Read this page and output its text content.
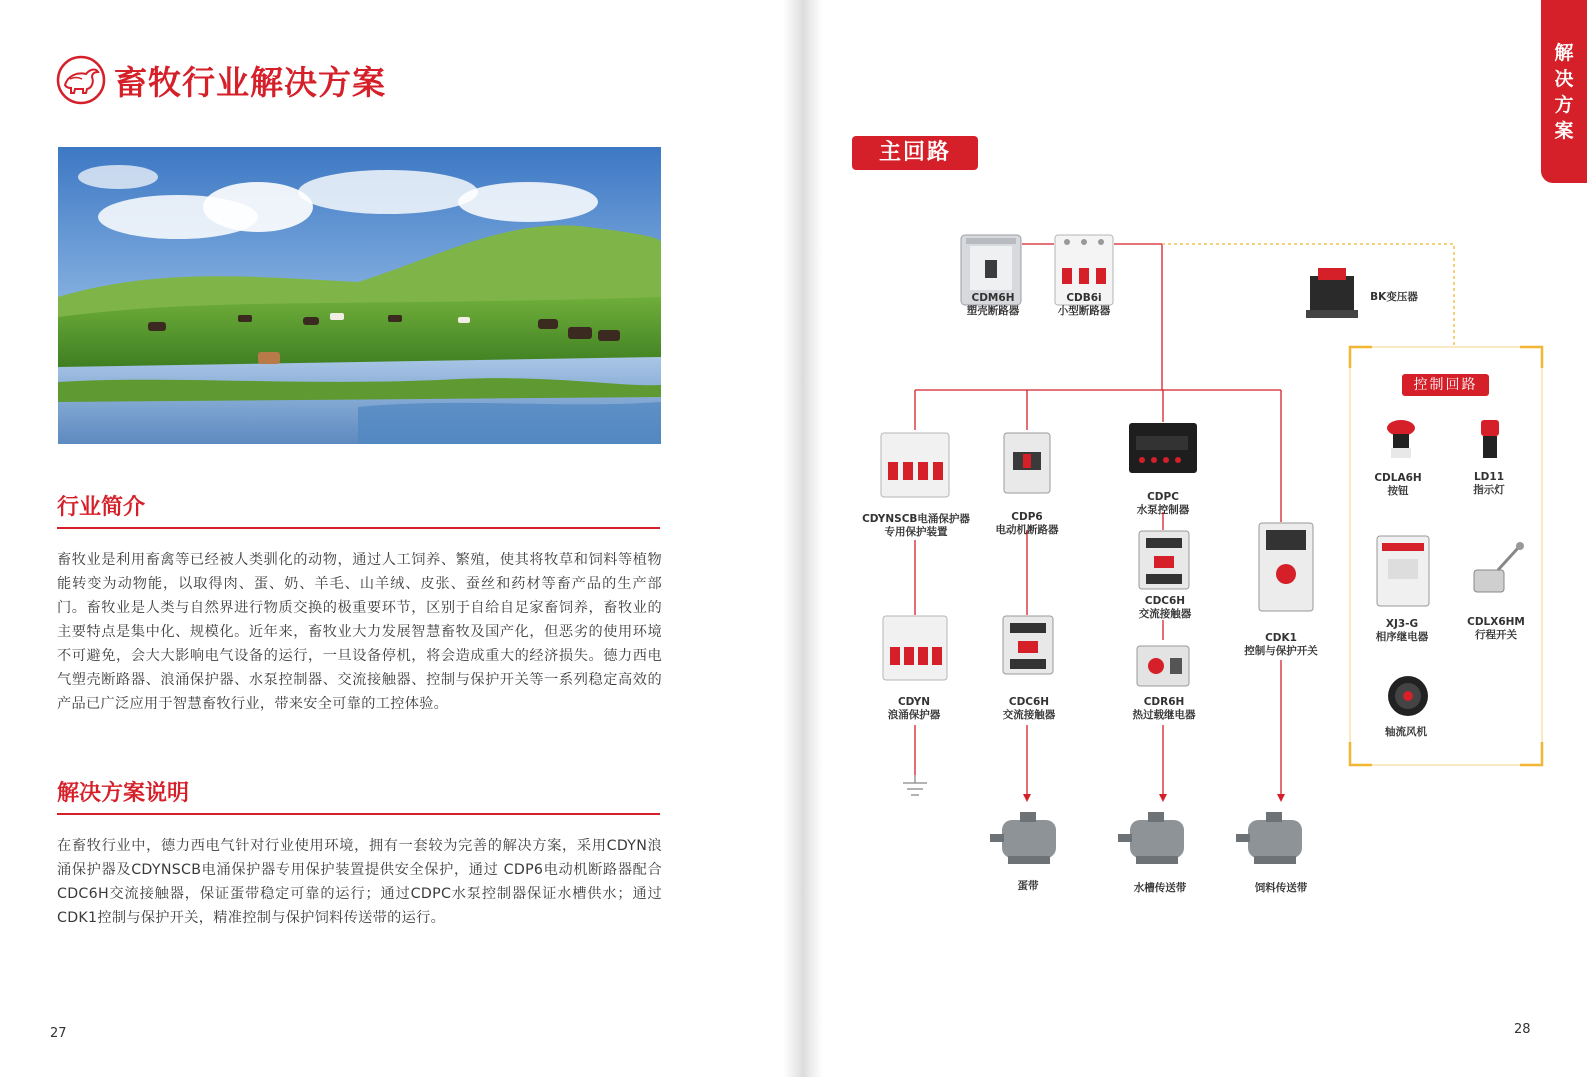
畜牧行业解决方案
行业简介
畜牧业是利用畜禽等已经被人类驯化的动物，通过人工饲养、繁殖，使其将牧草和饲料等植物能转变为动物能，以取得肉、蛋、奶、羊毛、山羊绒、皮张、蚕丝和药材等畜产品的生产部门。畜牧业是人类与自然界进行物质交换的极重要环节，区别于自给自足家畜饲养，畜牧业的主要特点是集中化、规模化。近年来，畜牧业大力发展智慧畜牧及国产化，但恶劣的使用环境不可避免，会大大影响电气设备的运行，一旦设备停机，将会造成重大的经济损失。德力西电气塑壳断路器、浪涌保护器、水泵控制器、交流接触器、控制与保护开关等一系列稳定高效的产品已广泛应用于智慧畜牧行业，带来安全可靠的工控体验。
解决方案说明
在畜牧行业中，德力西电气针对行业使用环境，拥有一套较为完善的解决方案，采用CDYN浪涌保护器及CDYNSCB电涌保护器专用保护装置提供安全保护，通过 CDP6电动机断路器配合 CDC6H交流接触器，保证蛋带稳定可靠的运行；通过CDPC水泵控制器保证水槽供水；通过CDK1控制与保护开关，精准控制与保护饲料传送带的运行。
27
解
决
方
案
主回路
CDM6H
塑壳断路器
CDB6i
小型断路器
BK变压器
CDYNSCB电涌保护器
专用保护装置
CDP6
电动机断路器
CDPC
水泵控制器
CDC6H
交流接触器
CDK1
控制与保护开关
CDYN
浪涌保护器
CDC6H
交流接触器
CDR6H
热过载继电器
控制回路
CDLA6H
按钮
LD11
指示灯
XJ3-G
相序继电器
CDLX6HM
行程开关
轴流风机
蛋带	水槽传送带	饲料传送带
28
